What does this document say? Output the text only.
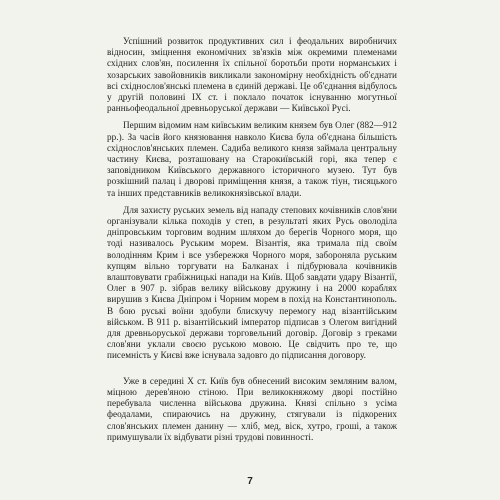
Успішний розвиток продуктивних сил і феодальних виробничих відносин, зміцнення економічних зв'язків між окремими племенами східних слов'ян, посилення їх спільної боротьби проти норманських і хозарських завойовників викликали закономірну необхідність об'єднати всі східнослов'янські племена в єдиній державі. Це об'єднання відбулось у другій половині IX ст. і поклало початок існуванню могутньої ранньофеодальної древньоруської держави — Київської Русі.

Першим відомим нам київським великим князем був Олег (882—912 рр.). За часів його князювання навколо Києва була об'єднана більшість східнослов'янських племен. Садиба великого князя займала центральну частину Києва, розташовану на Старокиївській горі, яка тепер є заповідником Київського державного історичного музею. Тут був розкішний палац і дворові приміщення князя, а також тіун, тисяцького та інших представників великокнязівської влади.

Для захисту руських земель від нападу степових кочівників слов'яни організували кілька походів у степ, в результаті яких Русь оволоділа дніпровським торговим водним шляхом до берегів Чорного моря, що тоді називалось Руським морем. Візантія, яка тримала під своїм володінням Крим і все узбережжя Чорного моря, забороняла руським купцям вільно торгувати на Балканах і підбурювала кочівників влаштовувати грабіжницькі напади на Київ. Щоб завдати удару Візантії, Олег в 907 р. зібрав велику військову дружину і на 2000 кораблях вирушив з Києва Дніпром і Чорним морем в похід на Константинополь. В бою руські воїни здобули блискучу перемогу над візантійським військом. В 911 р. візантійський імператор підписав з Олегом вигідний для древньоруської держави торговельний договір. Договір з греками слов'яни уклали своєю руською мовою. Це свідчить про те, що писемність у Києві вже існувала задовго до підписання договору.

Уже в середині X ст. Київ був обнесений високим земляним валом, міцною дерев'яною стіною. При великокняжому дворі постійно перебувала численна військова дружина. Князі спільно з усіма феодалами, спираючись на дружину, стягували із підкорених слов'янських племен данину — хліб, мед, віск, хутро, гроші, а також примушували їх відбувати різні трудові повинності.

7
